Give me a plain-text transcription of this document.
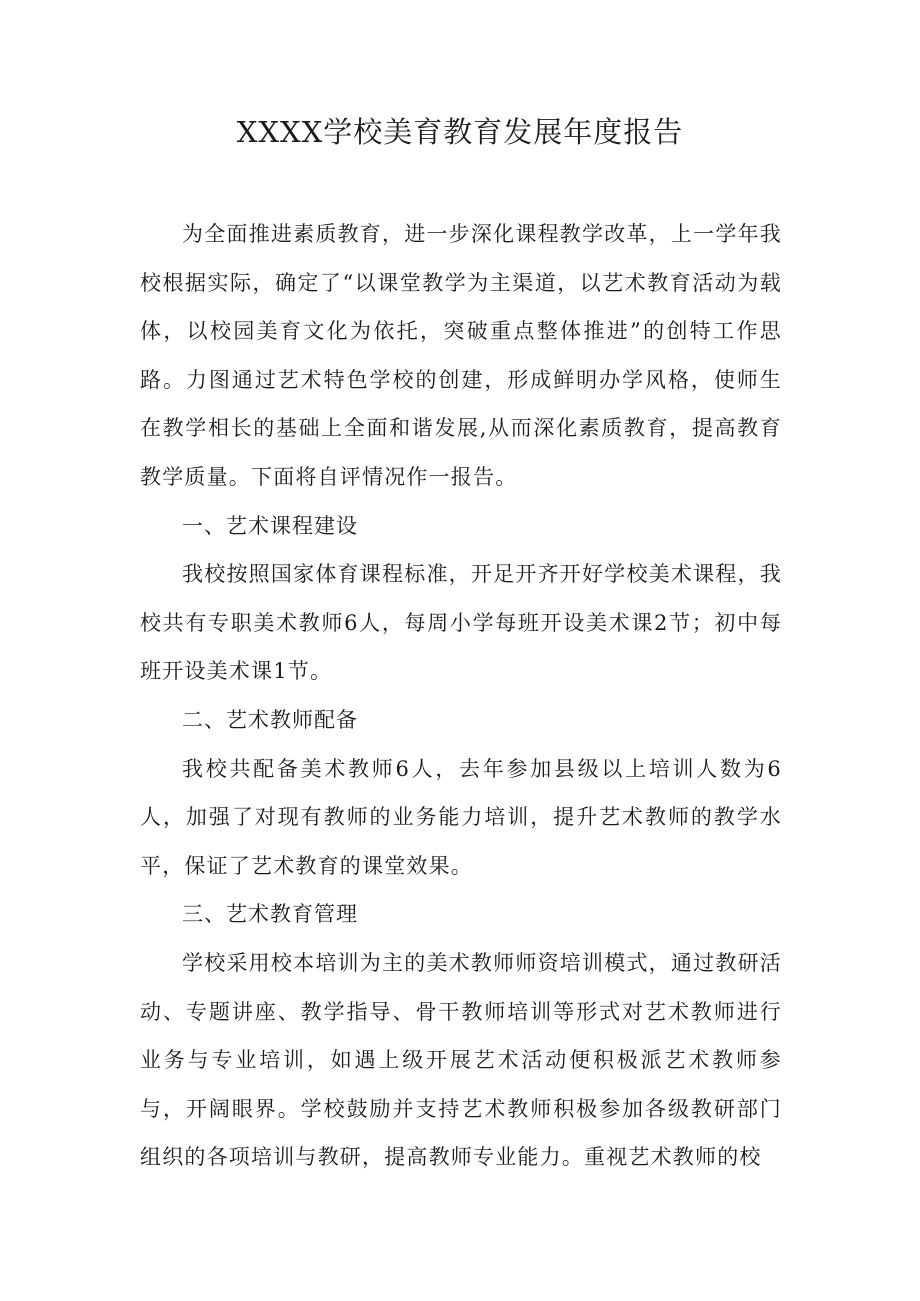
XXXX学校美育教育发展年度报告

为全面推进素质教育，进一步深化课程教学改革，上一学年我校根据实际，确定了“以课堂教学为主渠道，以艺术教育活动为载体，以校园美育文化为依托，突破重点整体推进”的创特工作思路。力图通过艺术特色学校的创建，形成鲜明办学风格，使师生在教学相长的基础上全面和谐发展,从而深化素质教育，提高教育教学质量。下面将自评情况作一报告。

一、艺术课程建设

我校按照国家体育课程标准，开足开齐开好学校美术课程，我校共有专职美术教师6人，每周小学每班开设美术课2节；初中每班开设美术课1节。

二、艺术教师配备

我校共配备美术教师6人，去年参加县级以上培训人数为6人，加强了对现有教师的业务能力培训，提升艺术教师的教学水平，保证了艺术教育的课堂效果。

三、艺术教育管理

学校采用校本培训为主的美术教师师资培训模式，通过教研活动、专题讲座、教学指导、骨干教师培训等形式对艺术教师进行业务与专业培训，如遇上级开展艺术活动便积极派艺术教师参与，开阔眼界。学校鼓励并支持艺术教师积极参加各级教研部门组织的各项培训与教研，提高教师专业能力。重视艺术教师的校
